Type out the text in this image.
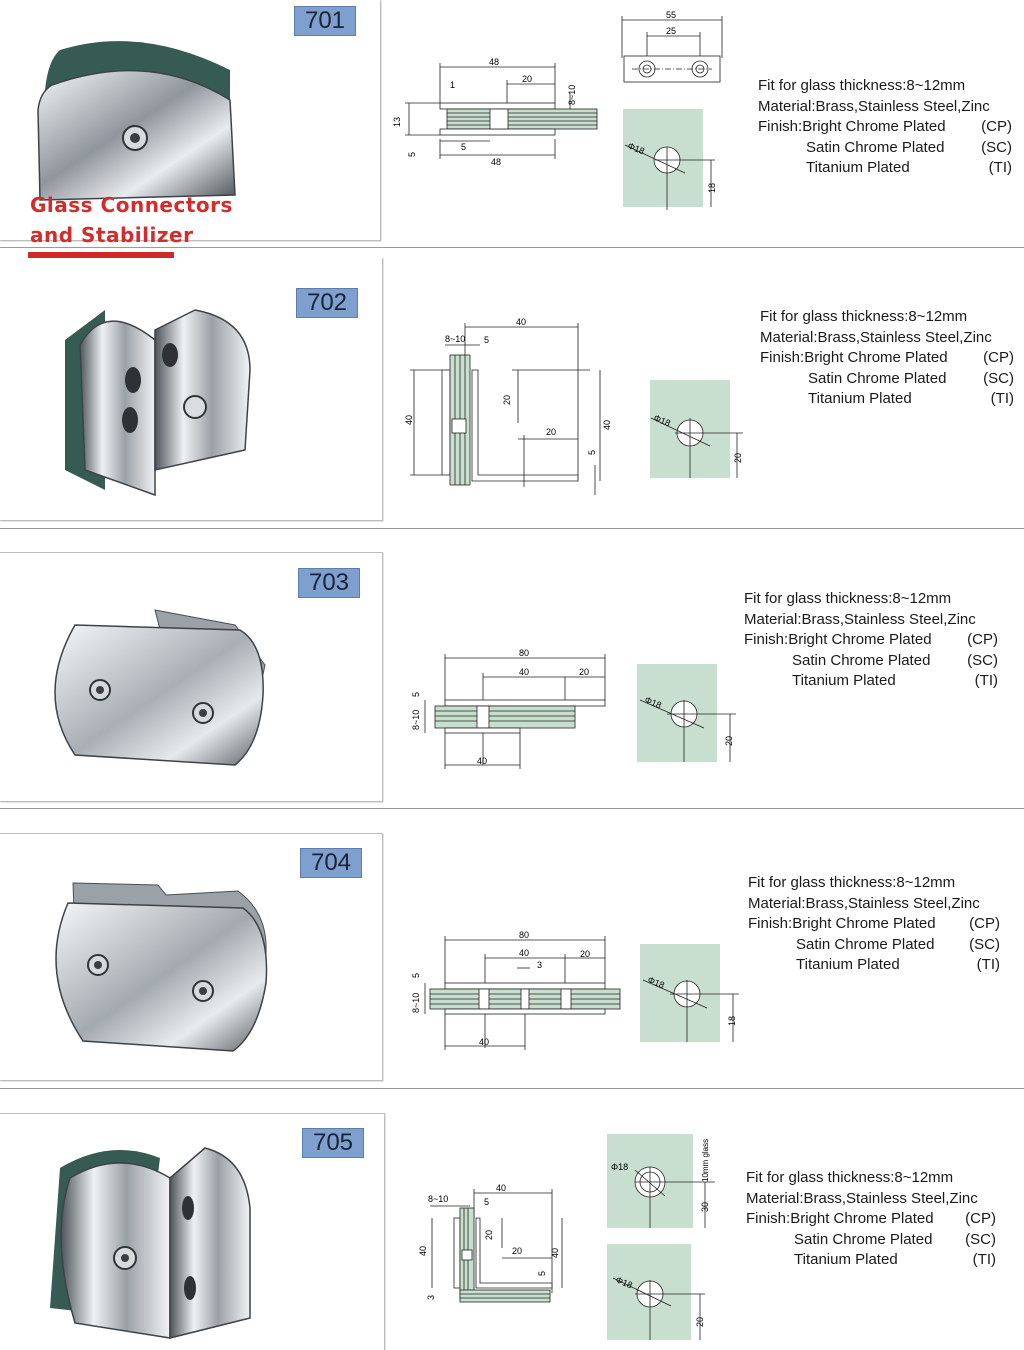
701
Glass Connectors
and Stabilizer
48
20
1	8~10
13
5
5
48
55
25
Φ18
18
Fit for glass thickness:8~12mm
Material:Brass,Stainless Steel,Zinc
Finish:Bright Chrome Plated (CP)
Satin Chrome Plated (SC)
Titanium Plated	(TI)
702
40
8~10 5
20
20
40	40
5
Φ18
20
Fit for glass thickness:8~12mm
Material:Brass,Stainless Steel,Zinc
Finish:Bright Chrome Plated (CP)
Satin Chrome Plated (SC)
Titanium Plated	(TI)
703
80
40	20
5
8~10
40
Φ18
20
Fit for glass thickness:8~12mm
Material:Brass,Stainless Steel,Zinc
Finish:Bright Chrome Plated (CP)
Satin Chrome Plated (SC)
Titanium Plated	(TI)
704
80
40
3
20
5
8~10
40
Φ18
18
Fit for glass thickness:8~12mm
Material:Brass,Stainless Steel,Zinc
Finish:Bright Chrome Plated (CP)
Satin Chrome Plated (SC)
Titanium Plated	(TI)
705
40
8~10	5
20
20
40	40
5
3
Φ18	10mm glass
30
Φ18
20
Fit for glass thickness:8~12mm
Material:Brass,Stainless Steel,Zinc
Finish:Bright Chrome Plated (CP)
Satin Chrome Plated (SC)
Titanium Plated	(TI)
